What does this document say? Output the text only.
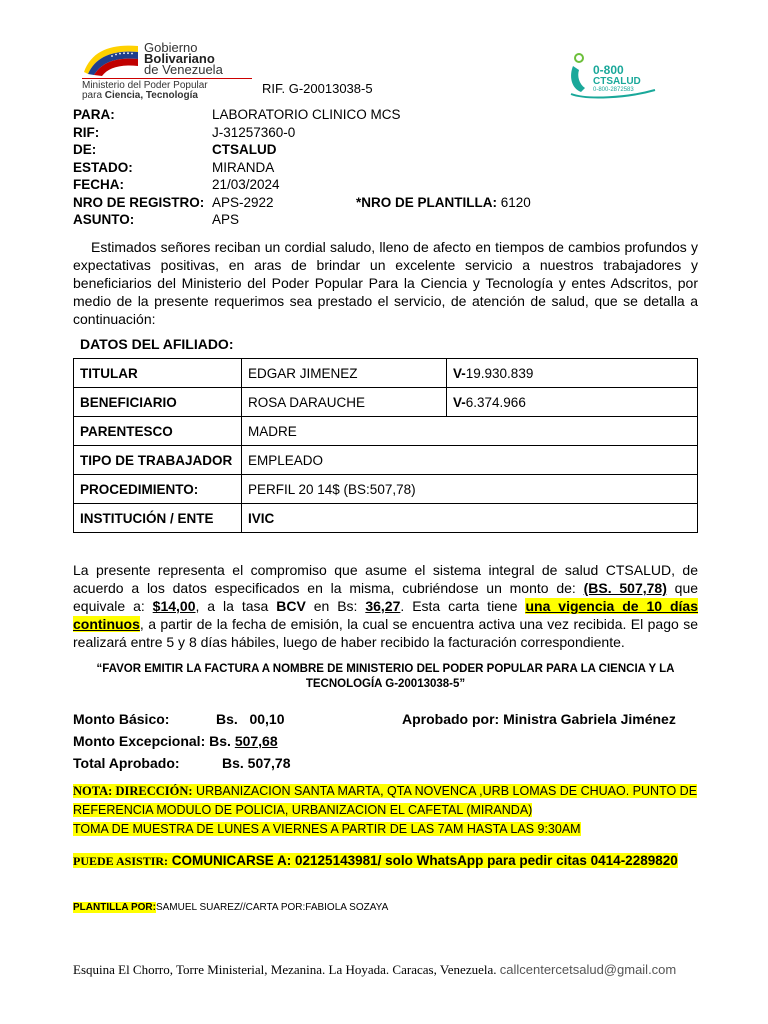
Gobierno
Bolivariano
de Venezuela
Ministerio del Poder Popular
para Ciencia, Tecnología	RIF. G-20013038-5
0-800
CTSALUD
0-800-2872583
PARA:	LABORATORIO CLINICO MCS
RIF:	J-31257360-0
DE:	CTSALUD
ESTADO:	MIRANDA
FECHA:	21/03/2024
NRO DE REGISTRO: APS-2922	*NRO DE PLANTILLA: 6120
ASUNTO:	APS
Estimados señores reciban un cordial saludo, lleno de afecto en tiempos de cambios profundos y expectativas positivas, en aras de brindar un excelente servicio a nuestros trabajadores y beneficiarios del Ministerio del Poder Popular Para la Ciencia y Tecnología y entes Adscritos, por medio de la presente requerimos sea prestado el servicio, de atención de salud, que se detalla a continuación:
DATOS DEL AFILIADO:
TITULAR	EDGAR JIMENEZ	V-19.930.839
BENEFICIARIO	ROSA DARAUCHE	V-6.374.966
PARENTESCO	MADRE	
TIPO DE TRABAJADOR	EMPLEADO	
PROCEDIMIENTO:	PERFIL 20 14$ (BS:507,78)	
INSTITUCIÓN / ENTE	IVIC	
La presente representa el compromiso que asume el sistema integral de salud CTSALUD, de acuerdo a los datos especificados en la misma, cubriéndose un monto de: (BS. 507,78) que equivale a: $14,00, a la tasa BCV en Bs: 36,27. Esta carta tiene una vigencia de 10 días continuos, a partir de la fecha de emisión, la cual se encuentra activa una vez recibida. El pago se realizará entre 5 y 8 días hábiles, luego de haber recibido la facturación correspondiente.
“FAVOR EMITIR LA FACTURA A NOMBRE DE MINISTERIO DEL PODER POPULAR PARA LA CIENCIA Y LA TECNOLOGÍA G-20013038-5”
Monto Básico:	Bs.   00,10	Aprobado por: Ministra Gabriela Jiménez
Monto Excepcional: Bs. 507,68
Total Aprobado:	Bs. 507,78
NOTA: DIRECCIÓN: URBANIZACION SANTA MARTA, QTA NOVENCA ,URB LOMAS DE CHUAO. PUNTO DE
REFERENCIA MODULO DE POLICIA, URBANIZACION EL CAFETAL (MIRANDA)
TOMA DE MUESTRA DE LUNES A VIERNES A PARTIR DE LAS 7AM HASTA LAS 9:30AM
PUEDE ASISTIR: COMUNICARSE A: 02125143981/ solo WhatsApp para pedir citas 0414-2289820
PLANTILLA POR:SAMUEL SUAREZ//CARTA POR:FABIOLA SOZAYA
Esquina El Chorro, Torre Ministerial, Mezanina. La Hoyada. Caracas, Venezuela. callcentercetsalud@gmail.com
